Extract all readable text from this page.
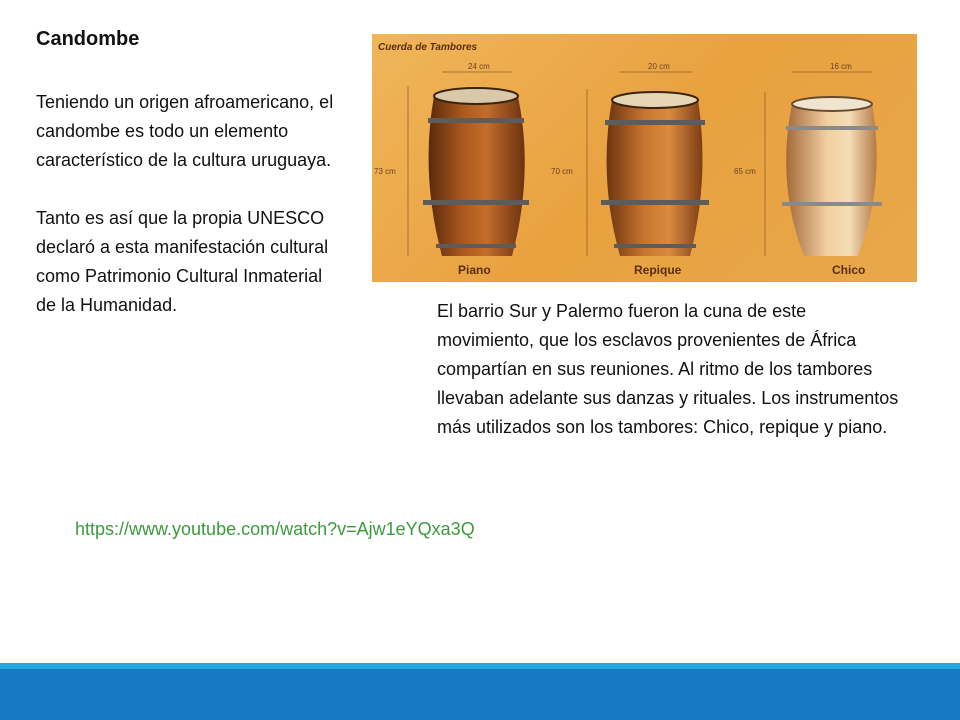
Candombe

Teniendo un origen afroamericano, el candombe es todo un elemento característico de la cultura uruguaya.

Tanto es así que la propia UNESCO declaró a esta manifestación cultural como Patrimonio Cultural Inmaterial de la Humanidad.

Cuerda de Tambores
24 cm
73 cm
20 cm
70 cm
16 cm
65 cm
Piano	Repique	Chico

El barrio Sur y Palermo fueron la cuna de este movimiento, que los esclavos provenientes de África compartían en sus reuniones. Al ritmo de los tambores llevaban adelante sus danzas y rituales. Los instrumentos más utilizados son los tambores: Chico, repique y piano.

https://www.youtube.com/watch?v=Ajw1eYQxa3Q
